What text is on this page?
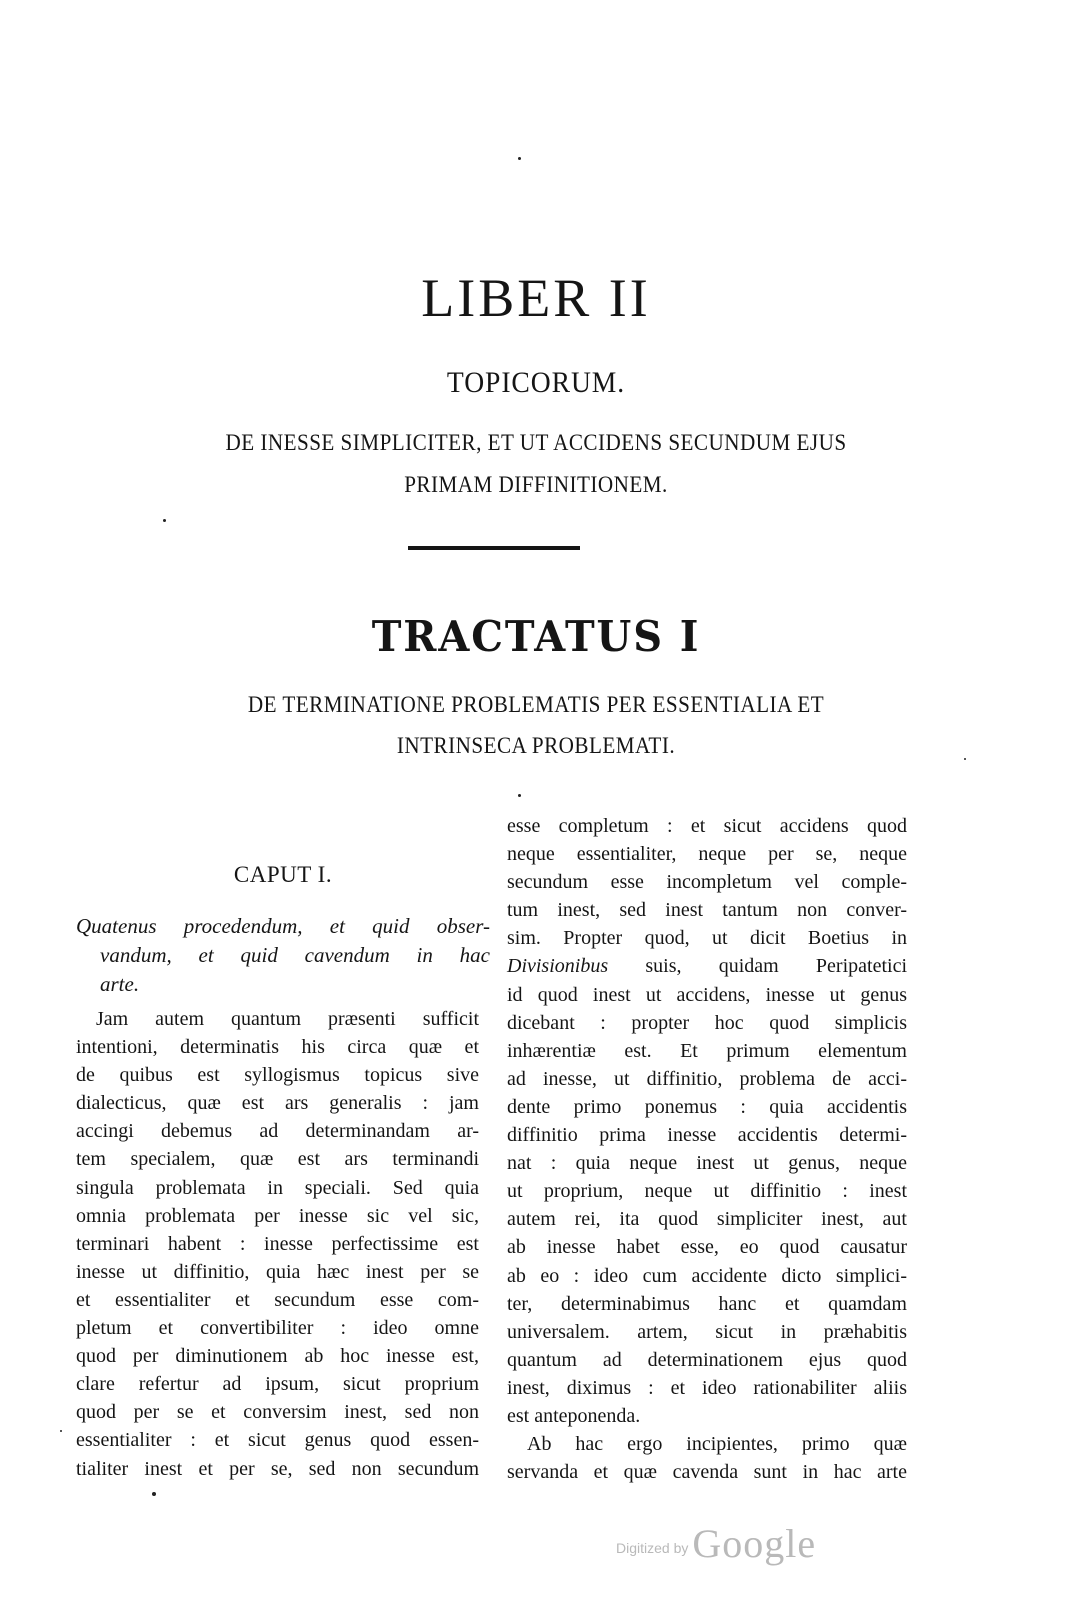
LIBER II
TOPICORUM.
DE INESSE SIMPLICITER, ET UT ACCIDENS SECUNDUM EJUS
PRIMAM DIFFINITIONEM.
TRACTATUS I
DE TERMINATIONE PROBLEMATIS PER ESSENTIALIA ET
INTRINSECA PROBLEMATI.
CAPUT I.
Quatenus procedendum, et quid obser-
vandum, et quid cavendum in hac
arte.
Jam autem quantum præsenti sufficit
intentioni, determinatis his circa quæ et
de quibus est syllogismus topicus sive
dialecticus, quæ est ars generalis : jam
accingi debemus ad determinandam ar-
tem specialem, quæ est ars terminandi
singula problemata in speciali. Sed quia
omnia problemata per inesse sic vel sic,
terminari habent : inesse perfectissime est
inesse ut diffinitio, quia hæc inest per se
et essentialiter et secundum esse com-
pletum et convertibiliter : ideo omne
quod per diminutionem ab hoc inesse est,
clare refertur ad ipsum, sicut proprium
quod per se et conversim inest, sed non
essentialiter : et sicut genus quod essen-
tialiter inest et per se, sed non secundum
esse completum : et sicut accidens quod
neque essentialiter, neque per se, neque
secundum esse incompletum vel comple-
tum inest, sed inest tantum non conver-
sim. Propter quod, ut dicit Boetius in
Divisionibus suis, quidam Peripatetici
id quod inest ut accidens, inesse ut genus
dicebant : propter hoc quod simplicis
inhærentiæ est. Et primum elementum
ad inesse, ut diffinitio, problema de acci-
dente primo ponemus : quia accidentis
diffinitio prima inesse accidentis determi-
nat : quia neque inest ut genus, neque
ut proprium, neque ut diffinitio : inest
autem rei, ita quod simpliciter inest, aut
ab inesse habet esse, eo quod causatur
ab eo : ideo cum accidente dicto simplici-
ter, determinabimus hanc et quamdam
universalem. artem, sicut in præhabitis
quantum ad determinationem ejus quod
inest, diximus : et ideo rationabiliter aliis
est anteponenda.
Ab hac ergo incipientes, primo quæ
servanda et quæ cavenda sunt in hac arte
Digitized by Google
